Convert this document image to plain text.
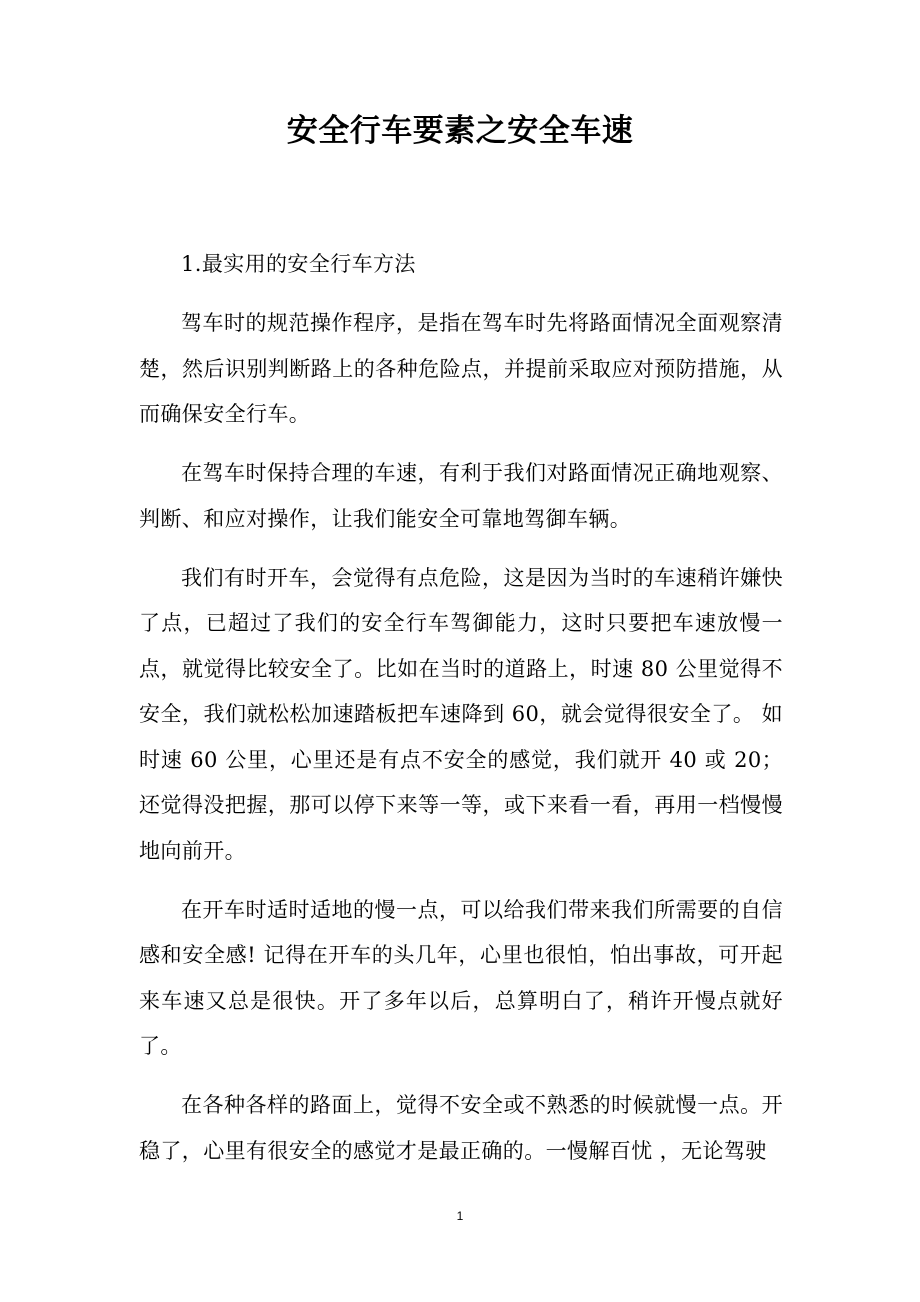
安全行车要素之安全车速

1.最实用的安全行车方法

驾车时的规范操作程序，是指在驾车时先将路面情况全面观察清楚，然后识别判断路上的各种危险点，并提前采取应对预防措施，从而确保安全行车。

在驾车时保持合理的车速，有利于我们对路面情况正确地观察、判断、和应对操作，让我们能安全可靠地驾御车辆。

我们有时开车，会觉得有点危险，这是因为当时的车速稍许嫌快了点，已超过了我们的安全行车驾御能力，这时只要把车速放慢一点，就觉得比较安全了。比如在当时的道路上，时速 80 公里觉得不安全，我们就松松加速踏板把车速降到 60，就会觉得很安全了。 如时速 60 公里，心里还是有点不安全的感觉，我们就开 40 或 20；还觉得没把握，那可以停下来等一等，或下来看一看，再用一档慢慢地向前开。

在开车时适时适地的慢一点，可以给我们带来我们所需要的自信感和安全感! 记得在开车的头几年，心里也很怕，怕出事故，可开起来车速又总是很快。开了多年以后，总算明白了，稍许开慢点就好了。

在各种各样的路面上，觉得不安全或不熟悉的时候就慢一点。开稳了，心里有很安全的感觉才是最正确的。一慢解百忧 ，无论驾驶

1
